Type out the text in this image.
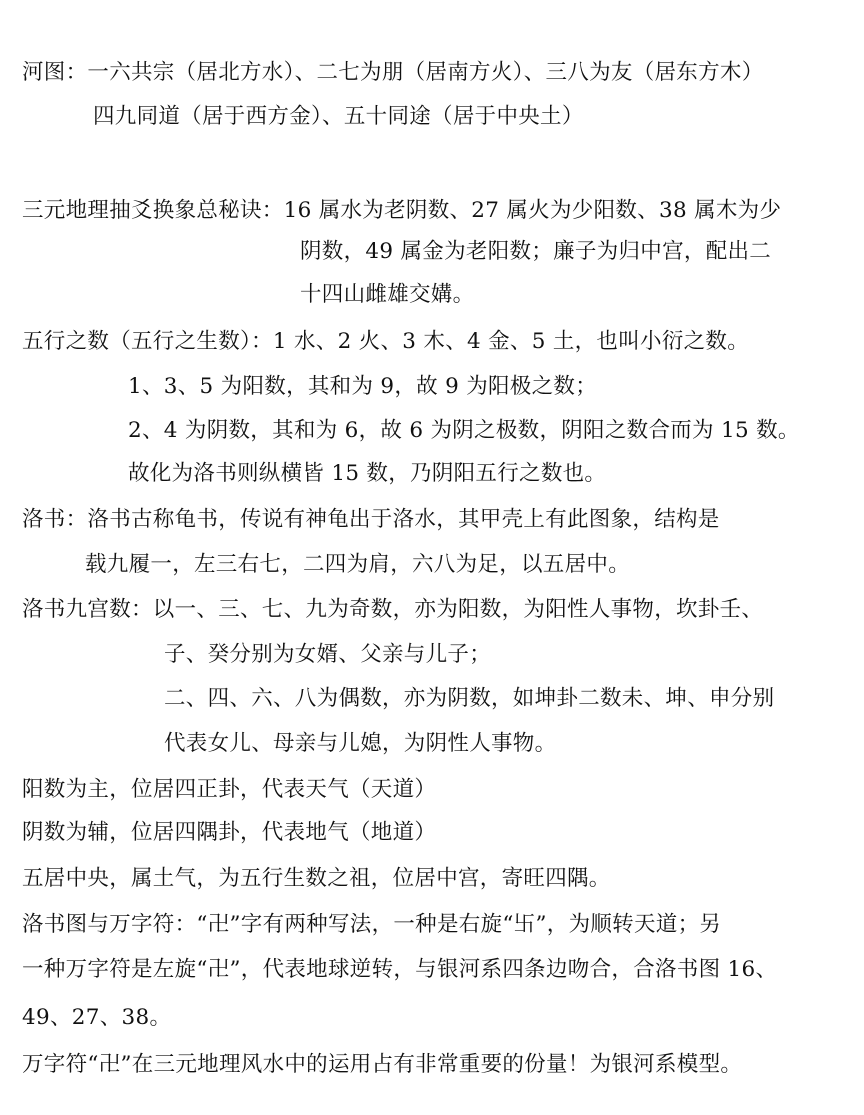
河图：一六共宗（居北方水）、二七为朋（居南方火）、三八为友（居东方木）
四九同道（居于西方金）、五十同途（居于中央土）
三元地理抽爻换象总秘诀：16 属水为老阴数、27 属火为少阳数、38 属木为少
阴数，49 属金为老阳数；廉子为归中宫，配出二
十四山雌雄交媾。
五行之数（五行之生数）：1 水、2 火、3 木、4 金、5 土，也叫小衍之数。
1、3、5 为阳数，其和为 9，故 9 为阳极之数；
2、4 为阴数，其和为 6，故 6 为阴之极数，阴阳之数合而为 15 数。
故化为洛书则纵横皆 15 数，乃阴阳五行之数也。
洛书：洛书古称龟书，传说有神龟出于洛水，其甲壳上有此图象，结构是
载九履一，左三右七，二四为肩，六八为足，以五居中。
洛书九宫数：以一、三、七、九为奇数，亦为阳数，为阳性人事物，坎卦壬、
子、癸分别为女婿、父亲与儿子；
二、四、六、八为偶数，亦为阴数，如坤卦二数未、坤、申分别
代表女儿、母亲与儿媳，为阴性人事物。
阳数为主，位居四正卦，代表天气（天道）
阴数为辅，位居四隅卦，代表地气（地道）
五居中央，属土气，为五行生数之祖，位居中宫，寄旺四隅。
洛书图与万字符：“卍”字有两种写法，一种是右旋“卐”，为顺转天道；另
一种万字符是左旋“卍”，代表地球逆转，与银河系四条边吻合，合洛书图 16、
49、27、38。
万字符“卍”在三元地理风水中的运用占有非常重要的份量！为银河系模型。
